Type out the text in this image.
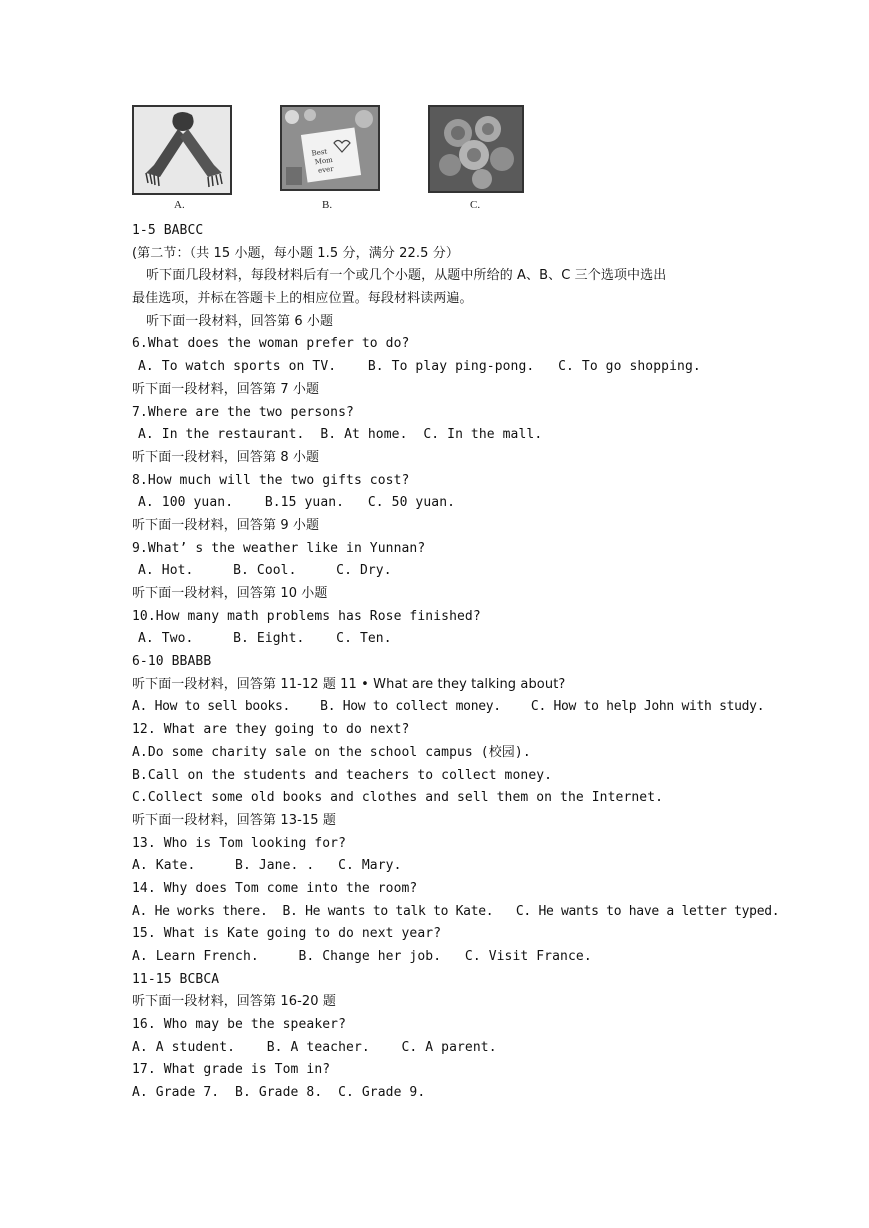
A.
Best
Mom
ever
B.	C.
1-5 BABCC
(第二节：（共 15 小题，每小题 1.5 分，满分 22.5 分）
听下面几段材料，每段材料后有一个或几个小题，从题中所给的 A、B、C 三个选项中选出
最佳选项，并标在答题卡上的相应位置。每段材料读两遍。
听下面一段材料，回答第 6 小题
6.What does the woman prefer to do?
A. To watch sports on TV.    B. To play ping-pong.   C. To go shopping.
听下面一段材料，回答第 7 小题
7.Where are the two persons?
A. In the restaurant.  B. At home.  C. In the mall.
听下面一段材料，回答第 8 小题
8.How much will the two gifts cost?
A. 100 yuan.    B.15 yuan.   C. 50 yuan.
听下面一段材料，回答第 9 小题
9.What’ s the weather like in Yunnan?
A. Hot.     B. Cool.     C. Dry.
听下面一段材料，回答第 10 小题
10.How many math problems has Rose finished?
A. Two.     B. Eight.    C. Ten.
6-10 BBABB
听下面一段材料，回答第 11-12 题 11 • What are they talking about?
A. How to sell books.    B. How to collect money.    C. How to help John with study.
12. What are they going to do next?
A.Do some charity sale on the school campus (校园).
B.Call on the students and teachers to collect money.
C.Collect some old books and clothes and sell them on the Internet.
听下面一段材料，回答第 13-15 题
13. Who is Tom looking for?
A. Kate.     B. Jane. .   C. Mary.
14. Why does Tom come into the room?
A. He works there.  B. He wants to talk to Kate.   C. He wants to have a letter typed.
15. What is Kate going to do next year?
A. Learn French.     B. Change her job.   C. Visit France.
11-15 BCBCA
听下面一段材料，回答第 16-20 题
16. Who may be the speaker?
A. A student.    B. A teacher.    C. A parent.
17. What grade is Tom in?
A. Grade 7.  B. Grade 8.  C. Grade 9.
